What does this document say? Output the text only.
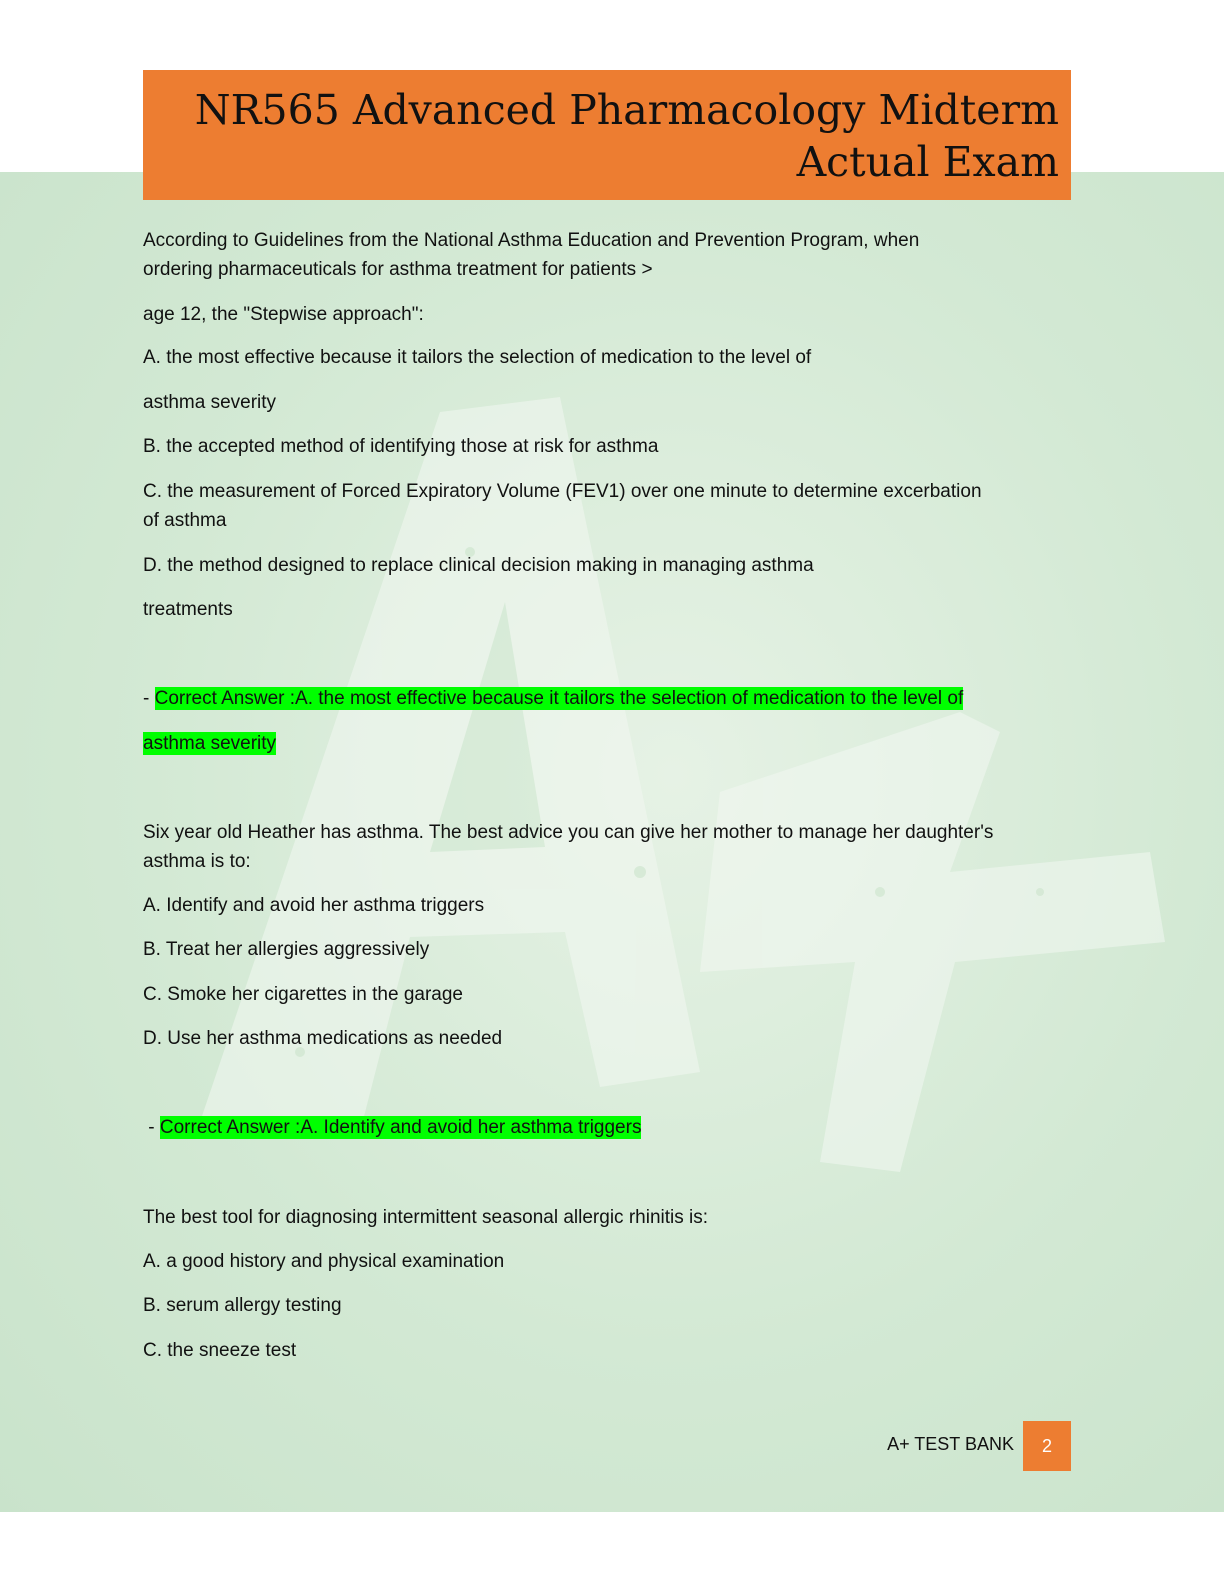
NR565 Advanced Pharmacology Midterm
Actual Exam
According to Guidelines from the National Asthma Education and Prevention Program, when
ordering pharmaceuticals for asthma treatment for patients >
age 12, the "Stepwise approach":
A. the most effective because it tailors the selection of medication to the level of
asthma severity
B. the accepted method of identifying those at risk for asthma
C. the measurement of Forced Expiratory Volume (FEV1) over one minute to determine excerbation
of asthma
D. the method designed to replace clinical decision making in managing asthma
treatments
- Correct Answer :A. the most effective because it tailors the selection of medication to the level of
asthma severity
Six year old Heather has asthma. The best advice you can give her mother to manage her daughter's
asthma is to:
A. Identify and avoid her asthma triggers
B. Treat her allergies aggressively
C. Smoke her cigarettes in the garage
D. Use her asthma medications as needed
- Correct Answer :A. Identify and avoid her asthma triggers
The best tool for diagnosing intermittent seasonal allergic rhinitis is:
A. a good history and physical examination
B. serum allergy testing
C. the sneeze test
A+ TEST BANK	2
